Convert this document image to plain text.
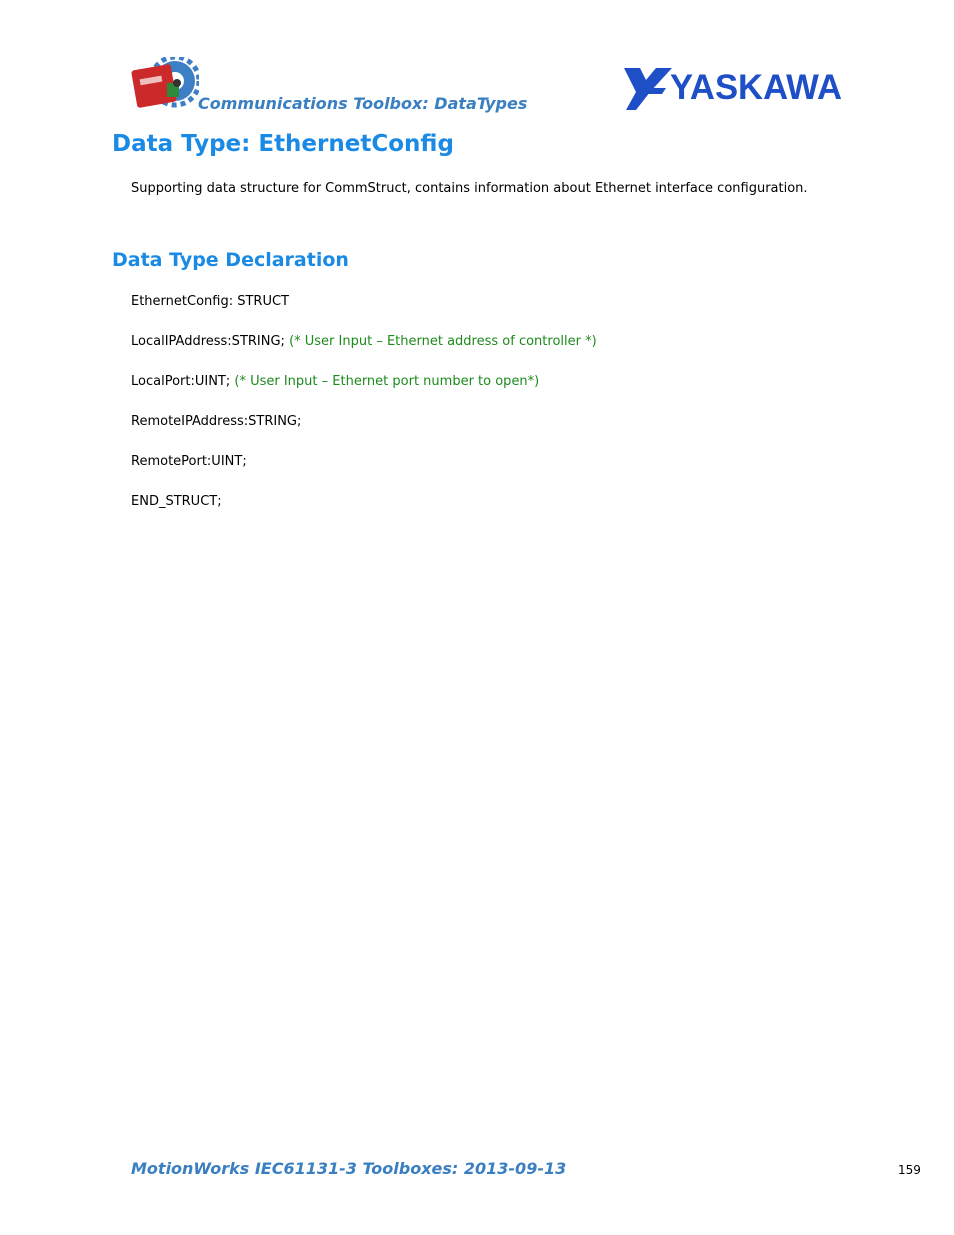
Communications Toolbox: DataTypes	YASKAWA
Data Type: EthernetConfig

Supporting data structure for CommStruct, contains information about Ethernet interface configuration.

Data Type Declaration
EthernetConfig: STRUCT
LocalIPAddress:STRING; (* User Input – Ethernet address of controller *)
LocalPort:UINT; (* User Input – Ethernet port number to open*)
RemoteIPAddress:STRING;
RemotePort:UINT;
END_STRUCT;
MotionWorks IEC61131-3 Toolboxes: 2013-09-13	159
